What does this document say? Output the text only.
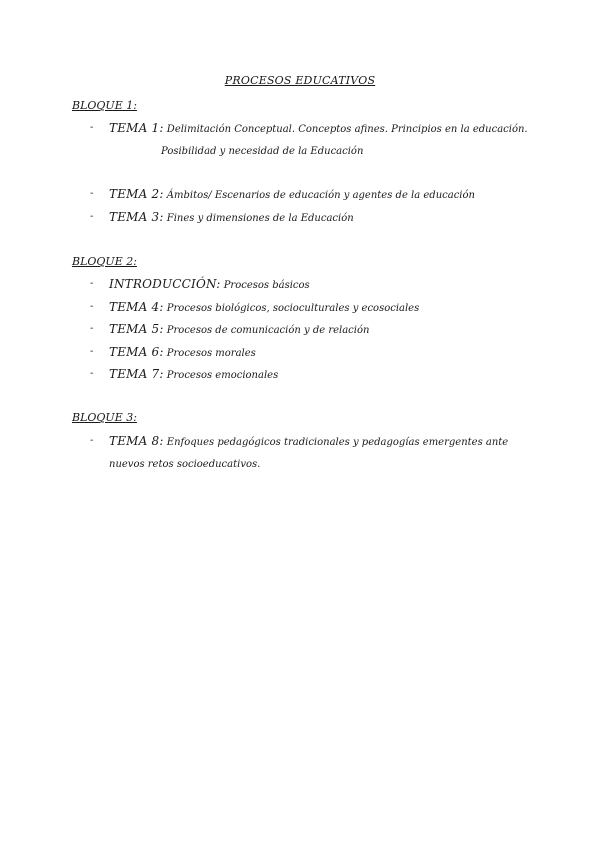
PROCESOS EDUCATIVOS
BLOQUE 1:
- TEMA 1: Delimitación Conceptual. Conceptos afines. Principios en la educación.
Posibilidad y necesidad de la Educación
- TEMA 2: Ámbitos/ Escenarios de educación y agentes de la educación
- TEMA 3: Fines y dimensiones de la Educación
BLOQUE 2:
- INTRODUCCIÓN: Procesos básicos
- TEMA 4: Procesos biológicos, socioculturales y ecosociales
- TEMA 5: Procesos de comunicación y de relación
- TEMA 6: Procesos morales
- TEMA 7: Procesos emocionales
BLOQUE 3:
- TEMA 8: Enfoques pedagógicos tradicionales y pedagogías emergentes ante nuevos retos socioeducativos.
